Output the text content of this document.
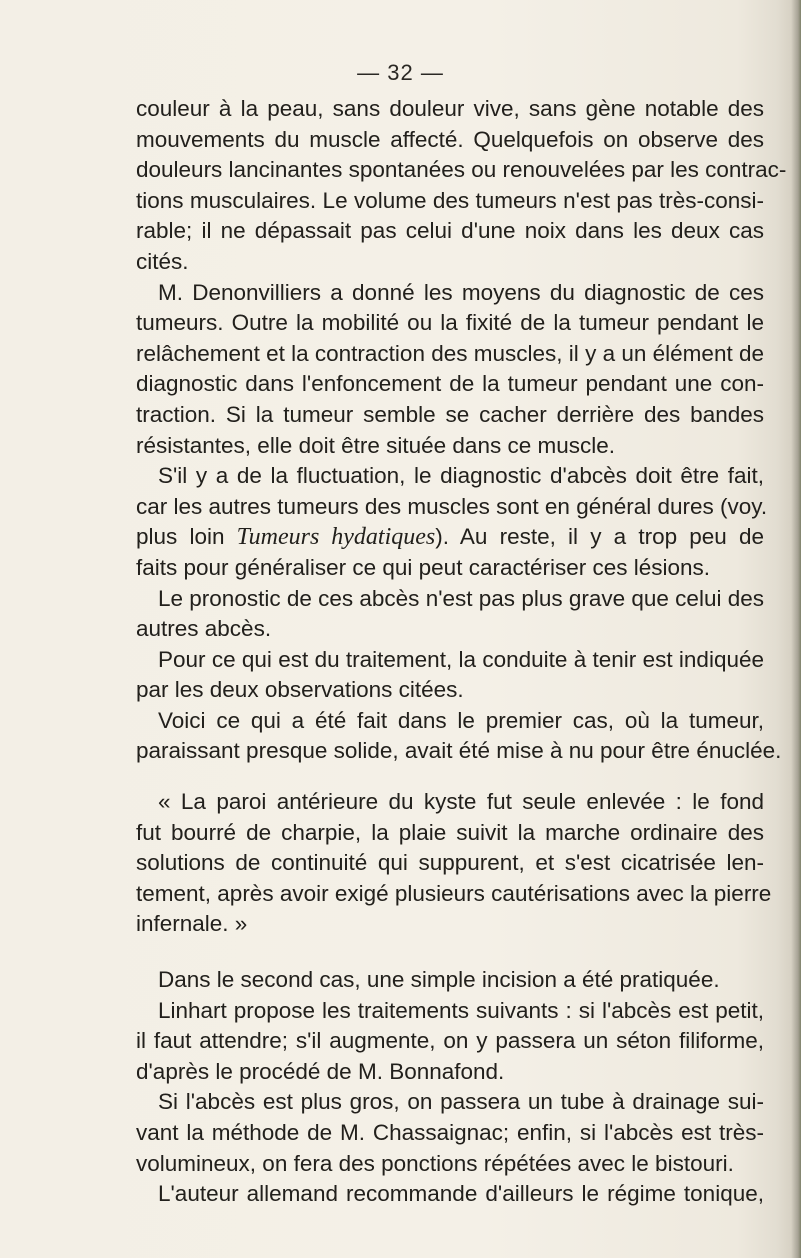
— 32 —
couleur à la peau, sans douleur vive, sans gène notable des
mouvements du muscle affecté. Quelquefois on observe des
douleurs lancinantes spontanées ou renouvelées par les contrac-
tions musculaires. Le volume des tumeurs n'est pas très-consi-
rable; il ne dépassait pas celui d'une noix dans les deux cas
cités.
M. Denonvilliers a donné les moyens du diagnostic de ces
tumeurs. Outre la mobilité ou la fixité de la tumeur pendant le
relâchement et la contraction des muscles, il y a un élément de
diagnostic dans l'enfoncement de la tumeur pendant une con-
traction. Si la tumeur semble se cacher derrière des bandes
résistantes, elle doit être située dans ce muscle.
S'il y a de la fluctuation, le diagnostic d'abcès doit être fait,
car les autres tumeurs des muscles sont en général dures (voy.
plus loin Tumeurs hydatiques). Au reste, il y a trop peu de
faits pour généraliser ce qui peut caractériser ces lésions.
Le pronostic de ces abcès n'est pas plus grave que celui des
autres abcès.
Pour ce qui est du traitement, la conduite à tenir est indiquée
par les deux observations citées.
Voici ce qui a été fait dans le premier cas, où la tumeur,
paraissant presque solide, avait été mise à nu pour être énuclée.
« La paroi antérieure du kyste fut seule enlevée : le fond
fut bourré de charpie, la plaie suivit la marche ordinaire des
solutions de continuité qui suppurent, et s'est cicatrisée len-
tement, après avoir exigé plusieurs cautérisations avec la pierre
infernale. »
Dans le second cas, une simple incision a été pratiquée.
Linhart propose les traitements suivants : si l'abcès est petit,
il faut attendre; s'il augmente, on y passera un séton filiforme,
d'après le procédé de M. Bonnafond.
Si l'abcès est plus gros, on passera un tube à drainage sui-
vant la méthode de M. Chassaignac; enfin, si l'abcès est très-
volumineux, on fera des ponctions répétées avec le bistouri.
L'auteur allemand recommande d'ailleurs le régime tonique,
